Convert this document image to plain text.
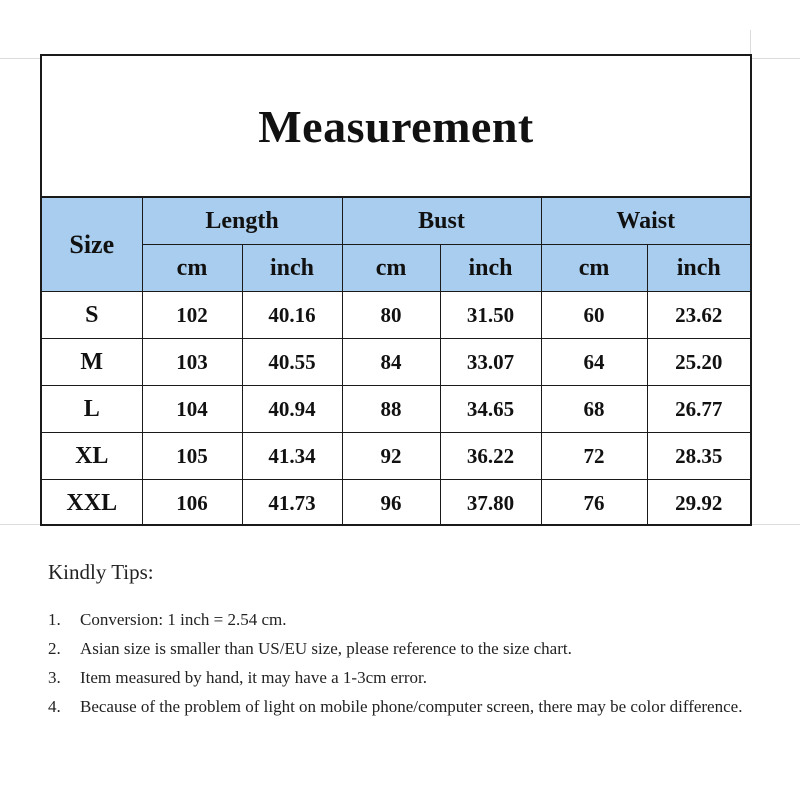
Measurement
Size	Length		Bust		Waist	
	cm	inch	cm	inch	cm	inch
S	102	40.16	80	31.50	60	23.62
M	103	40.55	84	33.07	64	25.20
L	104	40.94	88	34.65	68	26.77
XL	105	41.34	92	36.22	72	28.35
XXL	106	41.73	96	37.80	76	29.92

Kindly Tips:

1.	Conversion: 1 inch = 2.54 cm.
2.	Asian size is smaller than US/EU size, please reference to the size chart.
3.	Item measured by hand, it may have a 1-3cm error.
4.	Because of the problem of light on mobile phone/computer screen, there may be color difference.
